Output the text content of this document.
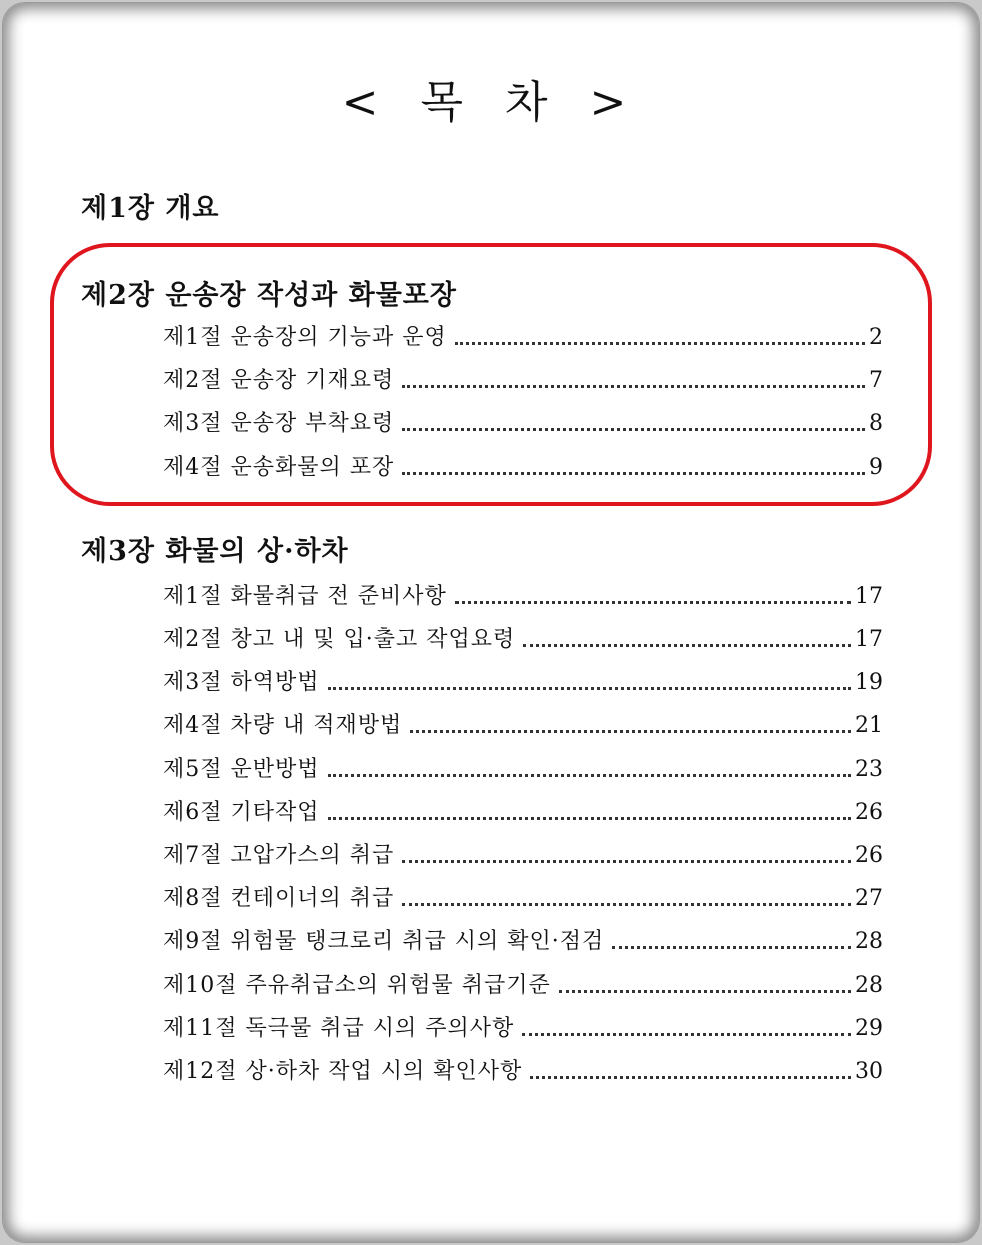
< 목 차 >
제1장 개요
제2장 운송장 작성과 화물포장
제1절 운송장의 기능과 운영	2
제2절 운송장 기재요령	7
제3절 운송장 부착요령	8
제4절 운송화물의 포장	9
제3장 화물의 상·하차
제1절 화물취급 전 준비사항	17
제2절 창고 내 및 입·출고 작업요령	17
제3절 하역방법	19
제4절 차량 내 적재방법	21
제5절 운반방법	23
제6절 기타작업	26
제7절 고압가스의 취급	26
제8절 컨테이너의 취급	27
제9절 위험물 탱크로리 취급 시의 확인·점검	28
제10절 주유취급소의 위험물 취급기준	28
제11절 독극물 취급 시의 주의사항	29
제12절 상·하차 작업 시의 확인사항	30
